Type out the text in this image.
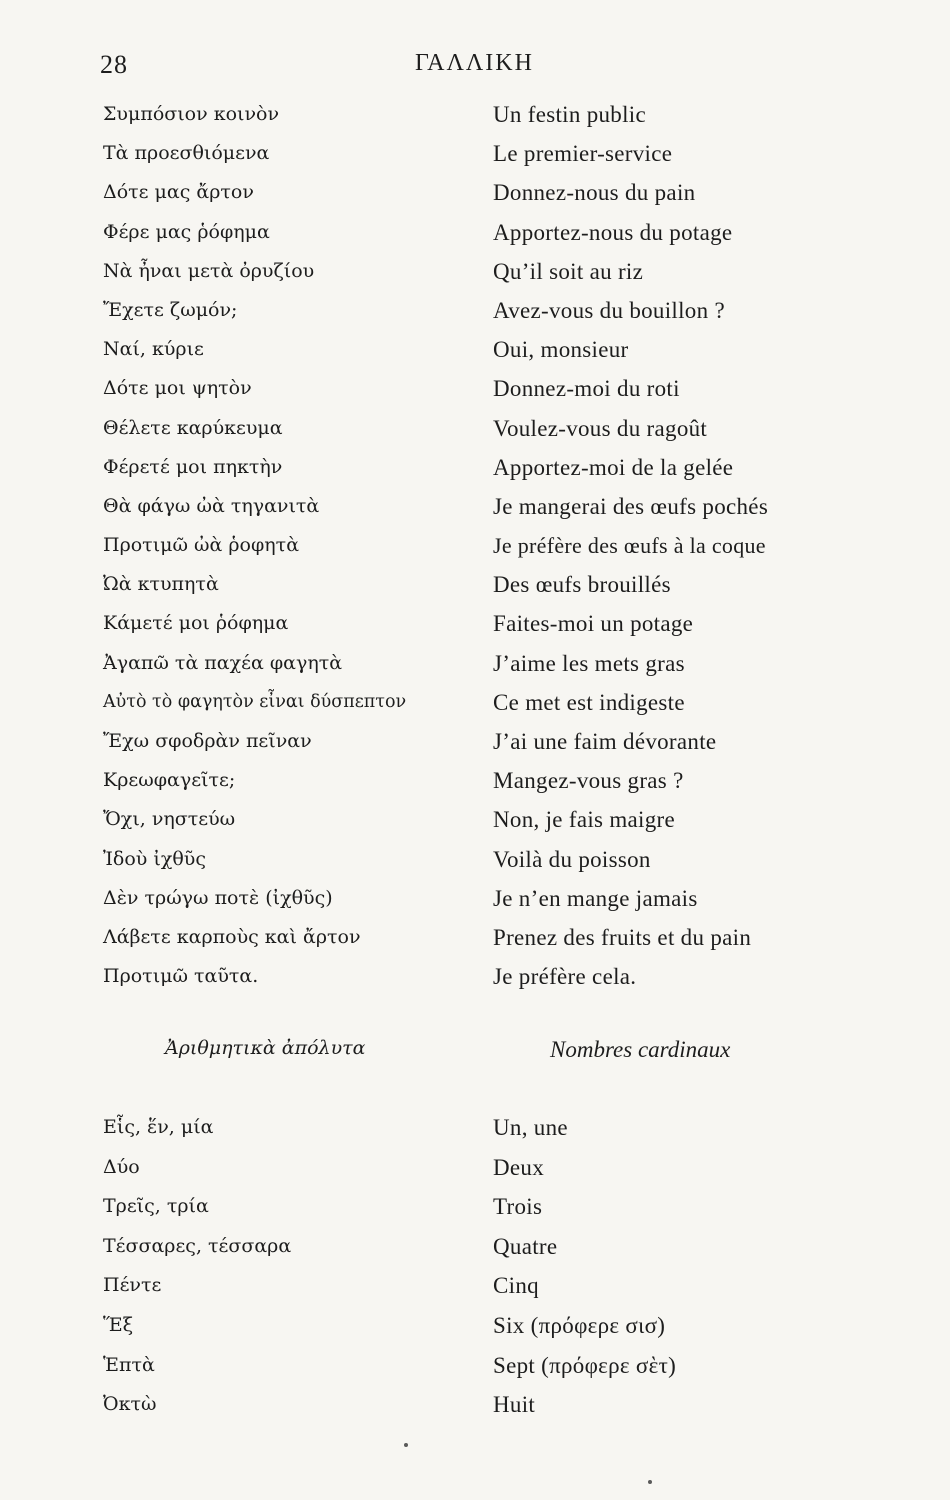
28	ΓΑΛΛΙΚΗ
Συμπόσιον κοινὸν
Τὰ προεσθιόμενα
Δότε μας ἄρτον
Φέρε μας ῥόφημα
Νὰ ἦναι μετὰ ὀρυζίου
Ἔχετε ζωμόν;
Ναί, κύριε
Δότε μοι ψητὸν
Θέλετε καρύκευμα
Φέρετέ μοι πηκτὴν
Θὰ φάγω ὠὰ τηγανιτὰ
Προτιμῶ ὠὰ ῥοφητὰ
Ὠὰ κτυπητὰ
Κάμετέ μοι ῥόφημα
Ἀγαπῶ τὰ παχέα φαγητὰ
Αὐτὸ τὸ φαγητὸν εἶναι δύσπεπτον
Ἔχω σφοδρὰν πεῖναν
Κρεωφαγεῖτε;
Ὄχι, νηστεύω
Ἰδοὺ ἰχθῦς
Δὲν τρώγω ποτὲ (ἰχθῦς)
Λάβετε καρποὺς καὶ ἄρτον
Προτιμῶ ταῦτα.
Un festin public
Le premier-service
Donnez-nous du pain
Apportez-nous du potage
Qu’il soit au riz
Avez-vous du bouillon ?
Oui, monsieur
Donnez-moi du roti
Voulez-vous du ragoût
Apportez-moi de la gelée
Je mangerai des œufs pochés
Je préfère des œufs à la coque
Des œufs brouillés
Faites-moi un potage
J’aime les mets gras
Ce met est indigeste
J’ai une faim dévorante
Mangez-vous gras ?
Non, je fais maigre
Voilà du poisson
Je n’en mange jamais
Prenez des fruits et du pain
Je préfère cela.
Ἀριθμητικὰ ἀπόλυτα	Nombres cardinaux
Εἷς, ἕν, μία
Δύο
Τρεῖς, τρία
Τέσσαρες, τέσσαρα
Πέντε
Ἕξ
Ἑπτὰ
Ὀκτὼ
Un, une
Deux
Trois
Quatre
Cinq
Six (πρόφερε σισ)
Sept (πρόφερε σὲτ)
Huit
